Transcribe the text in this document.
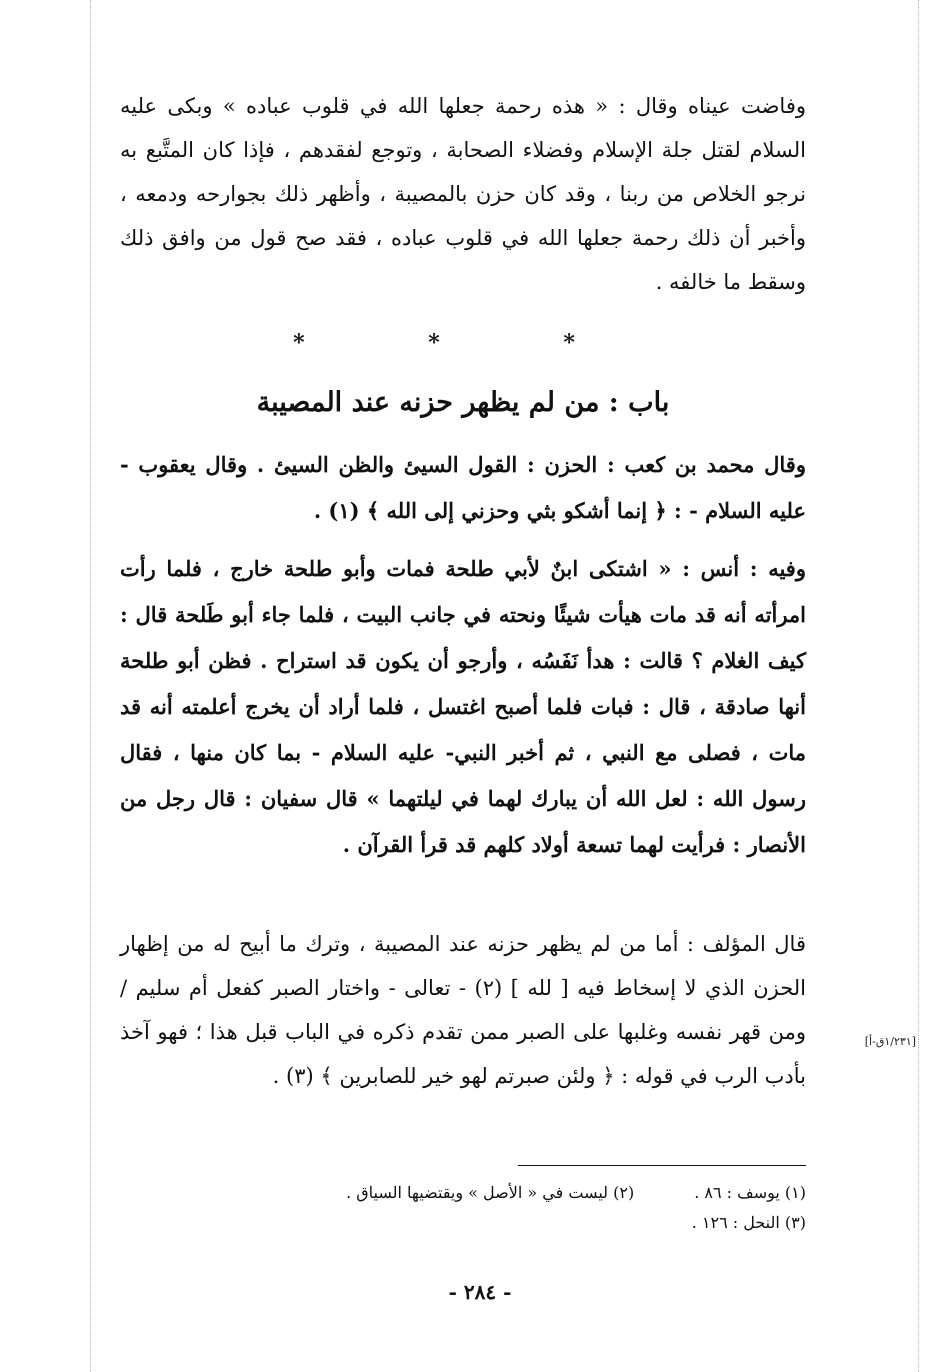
وفاضت عيناه وقال : « هذه رحمة جعلها الله في قلوب عباده » وبكى عليه السلام لقتل جلة الإسلام وفضلاء الصحابة ، وتوجع لفقدهم ، فإذا كان المتَّبع به نرجو الخلاص من ربنا ، وقد كان حزن بالمصيبة ، وأظهر ذلك بجوارحه ودمعه ، وأخبر أن ذلك رحمة جعلها الله في قلوب عباده ، فقد صح قول من وافق ذلك وسقط ما خالفه .

* * *
باب : من لم يظهر حزنه عند المصيبة

وقال محمد بن كعب : الحزن : القول السيئ والظن السيئ . وقال يعقوب - عليه السلام - : ﴿ إنما أشكو بثي وحزني إلى الله ﴾ (١) .

وفيه : أنس : « اشتكى ابنٌ لأبي طلحة فمات وأبو طلحة خارج ، فلما رأت امرأته أنه قد مات هيأت شيئًا ونحته في جانب البيت ، فلما جاء أبو طَلحة قال : كيف الغلام ؟ قالت : هدأ نَفَسُه ، وأرجو أن يكون قد استراح . فظن أبو طلحة أنها صادقة ، قال : فبات فلما أصبح اغتسل ، فلما أراد أن يخرج أعلمته أنه قد مات ، فصلى مع النبي ، ثم أخبر النبي- عليه السلام - بما كان منها ، فقال رسول الله : لعل الله أن يبارك لهما في ليلتهما » قال سفيان : قال رجل من الأنصار : فرأيت لهما تسعة أولاد كلهم قد قرأ القرآن .

قال المؤلف : أما من لم يظهر حزنه عند المصيبة ، وترك ما أبيح له من إظهار الحزن الذي لا إسخاط فيه [ لله ] (٢) - تعالى - واختار الصبر كفعل أم سليم / ومن قهر نفسه وغلبها على الصبر ممن تقدم ذكره في الباب قبل هذا ؛ فهو آخذ بأدب الرب في قوله : ﴿ ولئن صبرتم لهو خير للصابرين ﴾ (٣) .

[١/٢٣١ق-أ]
(١) يوسف : ٨٦ .
(٢) ليست في « الأصل » ويقتضيها السياق .
(٣) النحل : ١٢٦ .
- ٢٨٤ -
